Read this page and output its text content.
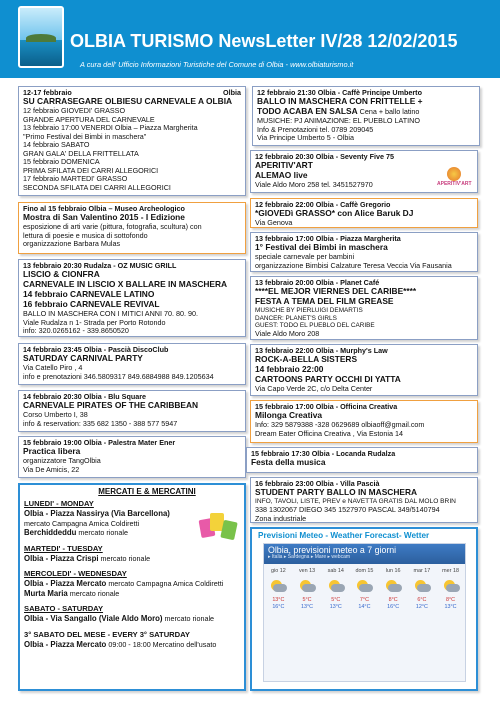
OLBIA TURISMO NewsLetter IV/28 12/02/2015
A cura dell' Ufficio Informazioni Turistiche del Comune di Olbia - www.olbiaturismo.it
12-17 febbraio	Olbia
SU CARRASEGARE OLBIESU CARNEVALE A OLBIA
12 febbraio GIOVEDI' GRASSO
GRANDE APERTURA DEL CARNEVALE
13 febbraio 17:00 VENERDI Olbia – Piazza Margherita
"Primo Festival dei Bimbi in maschera"
14 febbraio SABATO
GRAN GALA' DELLA FRITTELLATA
15 febbraio DOMENICA
PRIMA SFILATA DEI CARRI ALLEGORICI
17 febbraio MARTEDI' GRASSO
SECONDA SFILATA DEI CARRI ALLEGORICI
Fino al 15 febbraio Olbia – Museo Archeologico
Mostra di San Valentino 2015 - I Edizione
esposizione di arti varie (pittura, fotografia, scultura) con
lettura di poesie e musica di sottofondo
organizzazione Barbara Mulas
13 febbraio 20:30 Rudalza - OZ MUSIC GRILL
LISCIO & CIONFRA
CARNEVALE IN LISCIO X BALLARE IN MASCHERA
14 febbraio CARNEVALE LATINO
16 febbraio CARNEVALE REVIVAL
BALLO IN MASCHERA CON I MITICI ANNI 70. 80. 90.
Viale Rudalza n 1- Strada per Porto Rotondo
info: 320.0265162 - 339.8650520
14 febbraio 23:45 Olbia - Pascià DiscoClub
SATURDAY CARNIVAL PARTY
Via Catello Piro , 4
info e prenotazioni 346.5809317 849.6884988 849.1205634
14 febbraio 20:30 Olbia - Blu Square
CARNEVALE PIRATES OF THE CARIBBEAN
Corso Umberto I, 38
info & reservation: 335 682 1350 - 388 577 5947
15 febbraio 19:00 Olbia - Palestra Mater Ener
Practica libera
organizzatore TangOlbia
Via De Amicis, 22
MERCATI E & MERCATINI
LUNEDI' - MONDAY
Olbia - Piazza Nassirya (Via Barcellona)
mercato Campagna Amica Coldiretti
Berchiddeddu mercato rionale
MARTEDI' - TUESDAY
Olbia - Piazza Crispi mercato rionale
MERCOLEDI' - WEDNESDAY
Olbia - Piazza Mercato mercato Campagna Amica Coldiretti
Murta Maria mercato rionale
SABATO - SATURDAY
Olbia - Via Sangallo (Viale Aldo Moro) mercato rionale
3° SABATO DEL MESE - EVERY 3° SATURDAY
Olbia - Piazza Mercato 09:00 - 18:00 Mercatino dell'usato
12 febbraio 21:30 Olbia - Caffè Principe Umberto
BALLO IN MASCHERA CON FRITTELLE +
TODO ACABA EN SALSA Cena + ballo latino
MUSICHE: PJ ANIMAZIONE: EL PUEBLO LATINO
Info & Prenotazioni tel. 0789 209045
Via Principe Umberto 5 - Olbia
12 febbraio 20:30 Olbia - Seventy Five 75
APERITIV'ART
ALEMAO live
Viale Aldo Moro 258 tel. 3451527970	APERITIV'ART
12 febbraio 22:00 Olbia - Caffè Gregorio
*GIOVEDì GRASSO* con Alice Baruk DJ
Via Genova
13 febbraio 17:00 Olbia - Piazza Margherita
1° Festival dei Bimbi in maschera
speciale carnevale per bambini
organizzazione Bimbisi Calzature Teresa Veccia Via Fausania
13 febbraio 20:00 Olbia - Planet Café
****EL MEJOR VIERNES DEL CARIBE****
FESTA A TEMA DEL FILM GREASE
MUSICHE BY PIERLUIGI DEMARTIS
DANCER: PLANET'S GIRLS
GUEST: TODO EL PUEBLO DEL CARIBE
Viale Aldo Moro 208
13 febbraio 22:00 Olbia - Murphy's Law
ROCK-A-BELLA SISTERS
14 febbraio 22:00
CARTOONS PARTY OCCHI DI YATTA
Via Capo Verde 2C, c/o Delta Center
15 febbraio 17:00 Olbia - Officina Creativa
Milonga Creativa
Info: 329 5879388 -328 0629689 olbiaoff@gmail.com
Dream Eater Officina Creativa , Via Estonia 14
15 febbraio 17:30 Olbia - Locanda Rudalza
Festa della musica
16 febbraio 23:00 Olbia - Villa Pascià
STUDENT PARTY BALLO IN MASCHERA
INFO, TAVOLI, LISTE, PREV e NAVETTA GRATIS DAL MOLO BRIN
338 1302067 DIEGO 345 1527970 PASCAL 349/5140794
Zona industriale
Previsioni Meteo - Weather Forecast- Wetter
Olbia, previsioni meteo a 7 giorni
▸ Italia ▸ Sardegna ▸ Mare ▸ webcam
gio 12
13°C
16°C
ven 13
5°C
13°C
sab 14
5°C
13°C
dom 15
7°C
14°C
lun 16
8°C
16°C
mar 17
6°C
12°C
mer 18
8°C
13°C
